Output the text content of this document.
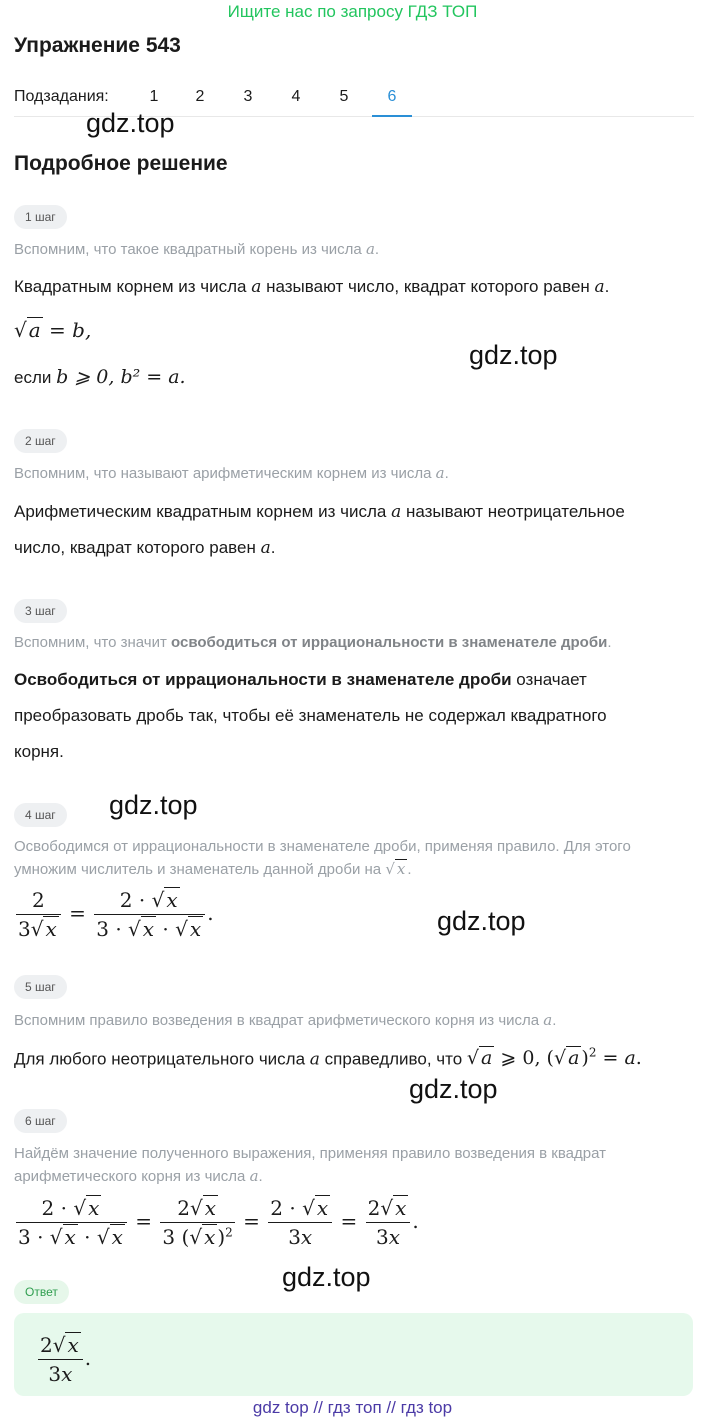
Ищите нас по запросу ГДЗ ТОП
Упражнение 543
Подзадания:	1	2	3	4	5	6
gdz.top
Подробное решение
1 шаг
Вспомним, что такое квадратный корень из числа a.
Квадратным корнем из числа a называют число, квадрат которого равен a.
√ a = b,
gdz.top
если b ⩾ 0, b² = a.
2 шаг
Вспомним, что называют арифметическим корнем из числа a.
Арифметическим квадратным корнем из числа a называют неотрицательное
число, квадрат которого равен a.
3 шаг
Вспомним, что значит освободиться от иррациональности в знаменателе дроби.
Освободиться от иррациональности в знаменателе дроби означает
преобразовать дробь так, чтобы её знаменатель не содержал квадратного
корня.
gdz.top
4 шаг
Освободимся от иррациональности в знаменателе дроби, применяя правило. Для этого
умножим числитель и знаменатель данной дроби на √ x .
$\frac{2}{3√ x} = \frac{2 \cdot √ x}{3 \cdot √ x \cdot √ x}$ .	gdz.top
5 шаг
Вспомним правило возведения в квадрат арифметического корня из числа a.
Для любого неотрицательного числа a справедливо, что √ a ⩾ 0, (√ a )$^2$ = a.
gdz.top
6 шаг
Найдём значение полученного выражения, применяя правило возведения в квадрат
арифметического корня из числа a.
$\frac{2 \cdot √ x}{3 \cdot √ x \cdot √ x} = \frac{2√ x}{3 (√ x )^2} = \frac{2 \cdot √ x}{3x} = \frac{2√ x}{3x}$ .
gdz.top
Ответ
$\frac{2√ x}{3x}$ .
gdz top // гдз топ // гдз top
